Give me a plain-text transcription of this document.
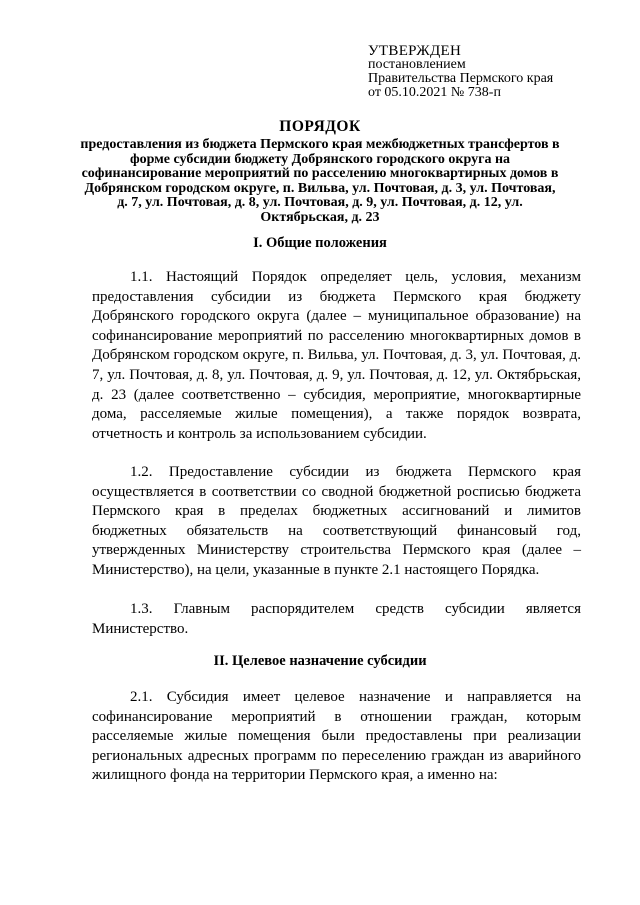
УТВЕРЖДЕН
постановлением
Правительства Пермского края
от 05.10.2021 № 738-п
ПОРЯДОК
предоставления из бюджета Пермского края межбюджетных трансфертов в форме субсидии бюджету Добрянского городского округа на софинансирование мероприятий по расселению многоквартирных домов в Добрянском городском округе, п. Вильва, ул. Почтовая, д. 3, ул. Почтовая, д. 7, ул. Почтовая, д. 8, ул. Почтовая, д. 9, ул. Почтовая, д. 12, ул. Октябрьская, д. 23
I. Общие положения
1.1. Настоящий Порядок определяет цель, условия, механизм предоставления субсидии из бюджета Пермского края бюджету Добрянского городского округа (далее – муниципальное образование) на софинансирование мероприятий по расселению многоквартирных домов в Добрянском городском округе, п. Вильва, ул. Почтовая, д. 3, ул. Почтовая, д. 7, ул. Почтовая, д. 8, ул. Почтовая, д. 9, ул. Почтовая, д. 12, ул. Октябрьская, д. 23 (далее соответственно – субсидия, мероприятие, многоквартирные дома, расселяемые жилые помещения), а также порядок возврата, отчетность и контроль за использованием субсидии.
1.2. Предоставление субсидии из бюджета Пермского края осуществляется в соответствии со сводной бюджетной росписью бюджета Пермского края в пределах бюджетных ассигнований и лимитов бюджетных обязательств на соответствующий финансовый год, утвержденных Министерству строительства Пермского края (далее – Министерство), на цели, указанные в пункте 2.1 настоящего Порядка.
1.3. Главным распорядителем средств субсидии является Министерство.
II. Целевое назначение субсидии
2.1. Субсидия имеет целевое назначение и направляется на софинансирование мероприятий в отношении граждан, которым расселяемые жилые помещения были предоставлены при реализации региональных адресных программ по переселению граждан из аварийного жилищного фонда на территории Пермского края, а именно на:
